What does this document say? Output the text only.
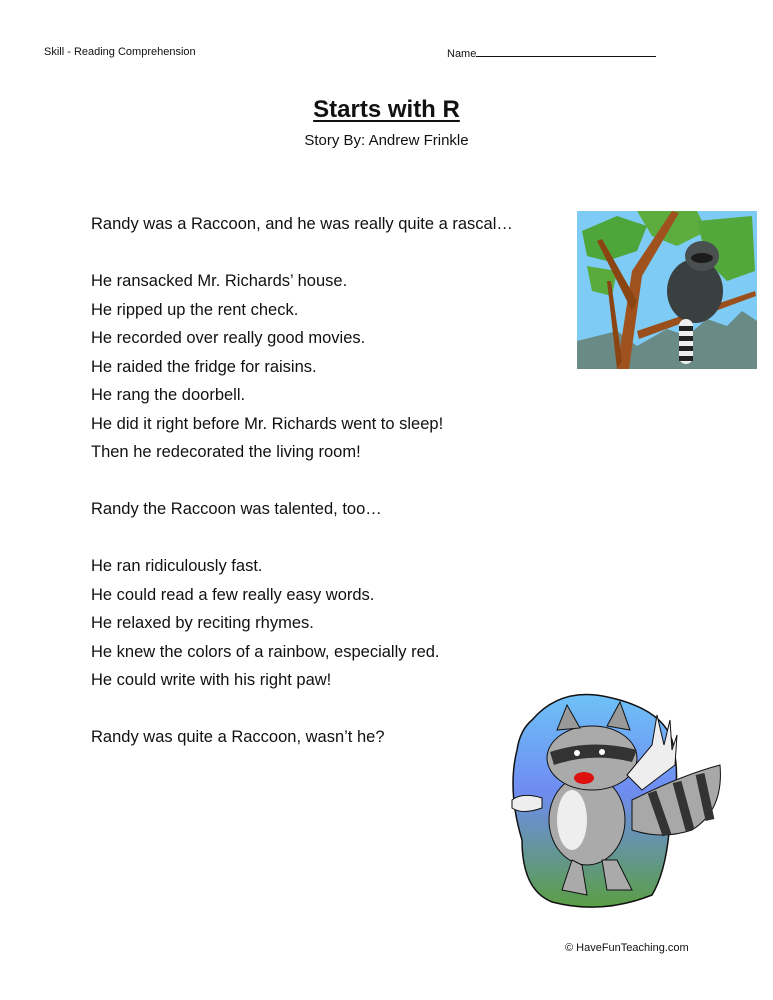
Skill - Reading Comprehension	Name
Starts with R
Story By: Andrew Frinkle

Randy was a Raccoon, and he was really quite a rascal…

He ransacked Mr. Richards’ house.

He ripped up the rent check.

He recorded over really good movies.

He raided the fridge for raisins.

He rang the doorbell.

He did it right before Mr. Richards went to sleep!

Then he redecorated the living room!

Randy the Raccoon was talented, too…

He ran ridiculously fast.

He could read a few really easy words.

He relaxed by reciting rhymes.

He knew the colors of a rainbow, especially red.

He could write with his right paw!

Randy was quite a Raccoon, wasn’t he?

© HaveFunTeaching.com
